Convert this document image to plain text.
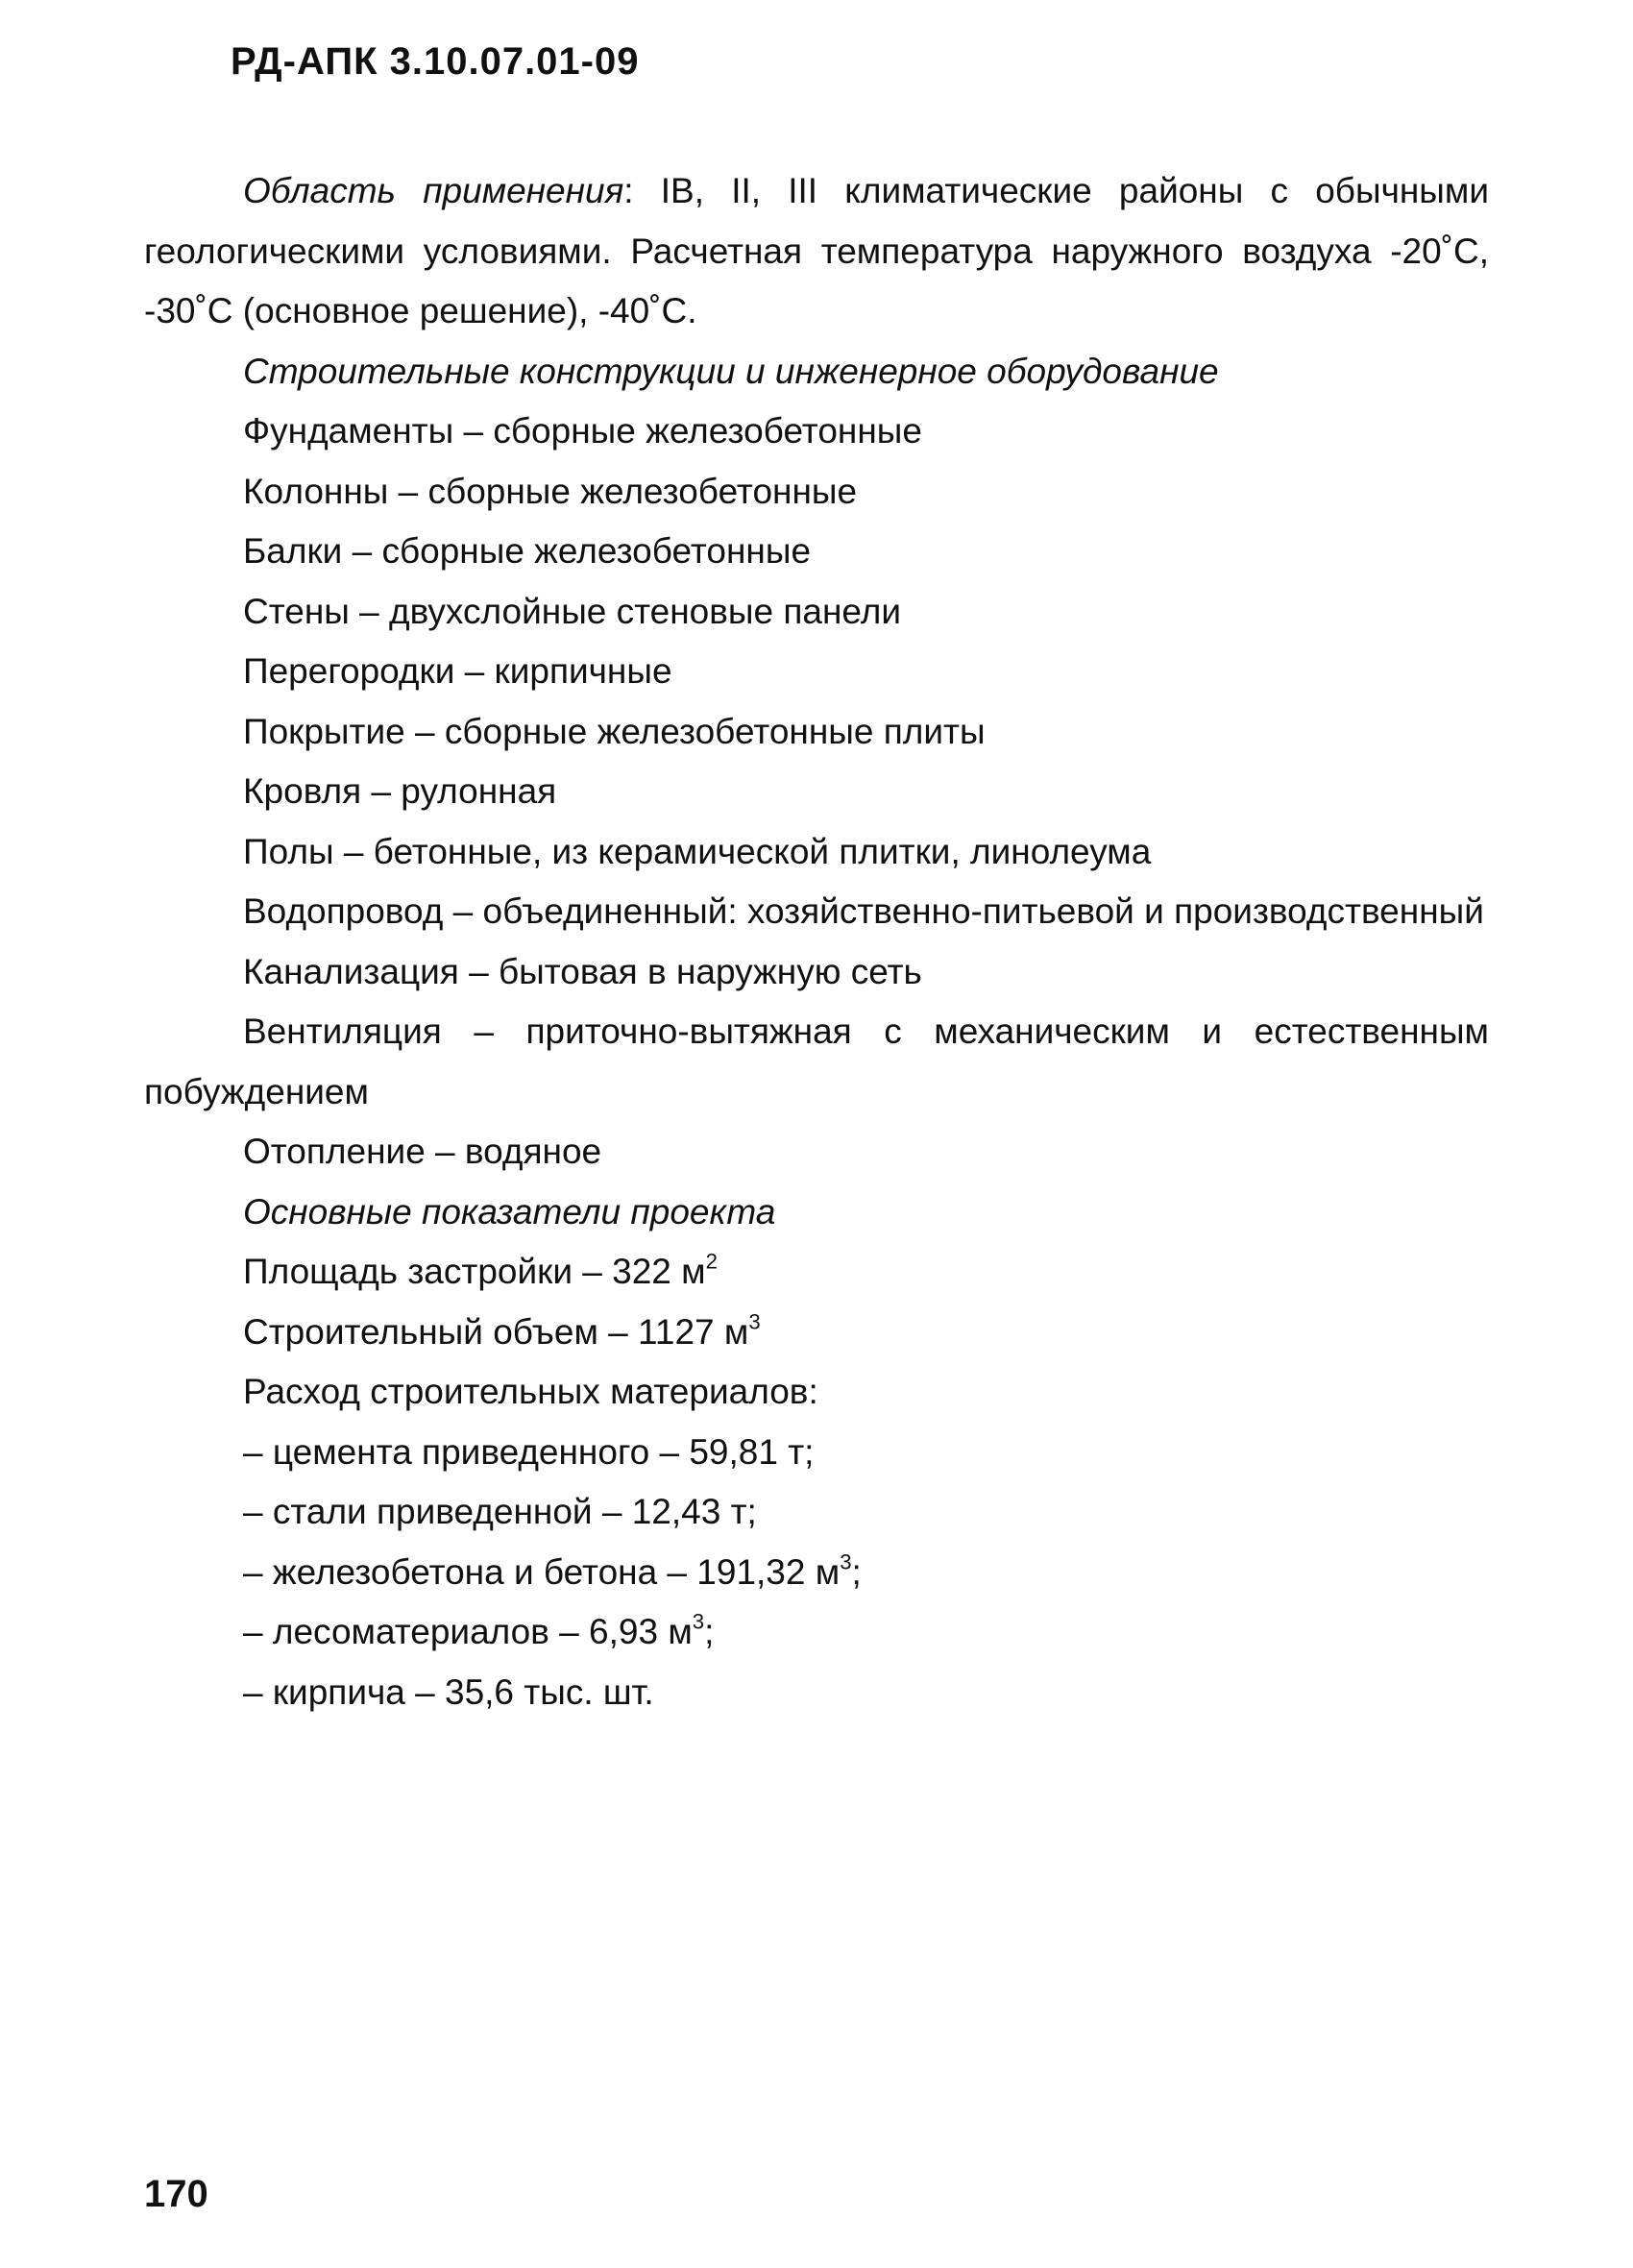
РД-АПК 3.10.07.01-09

Область применения: IB, II, III климатические районы с обычными геологическими условиями. Расчетная температура наружного воздуха -20˚С, -30˚С (основное решение), -40˚С.

Строительные конструкции и инженерное оборудование

Фундаменты – сборные железобетонные

Колонны – сборные железобетонные

Балки – сборные железобетонные

Стены – двухслойные стеновые панели

Перегородки – кирпичные

Покрытие – сборные железобетонные плиты

Кровля – рулонная

Полы – бетонные, из керамической плитки, линолеума

Водопровод – объединенный: хозяйственно-питьевой и производственный

Канализация – бытовая в наружную сеть

Вентиляция – приточно-вытяжная с механическим и естественным побуждением

Отопление – водяное

Основные показатели проекта

Площадь застройки – 322 $м^2$

Строительный объем – 1127 $м^3$

Расход строительных материалов:

– цемента приведенного – 59,81 т;

– стали приведенной – 12,43 т;

– железобетона и бетона – 191,32 $м^3$;

– лесоматериалов – 6,93 $м^3$;

– кирпича – 35,6 тыс. шт.

170
